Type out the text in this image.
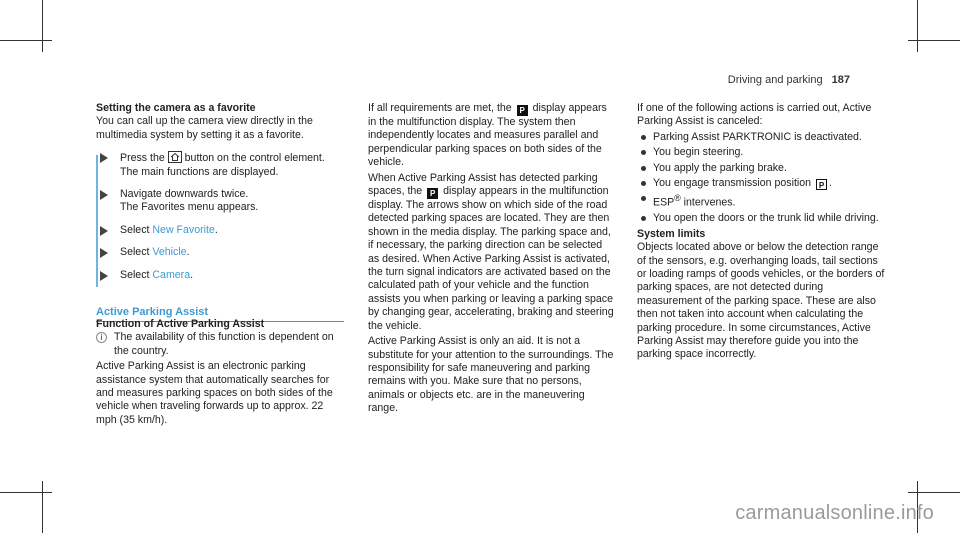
Driving and parking 187
Setting the camera as a favorite
You can call up the camera view directly in the multimedia system by setting it as a favorite.
Press the button on the control element.
The main functions are displayed.
Navigate downwards twice.
The Favorites menu appears.
Select New Favorite.
Select Vehicle.
Select Camera.
Active Parking Assist
If all requirements are met, the P display appears in the multifunction display. The system then independently locates and measures parallel and perpendicular parking spaces on both sides of the vehicle.
When Active Parking Assist has detected parking spaces, the P display appears in the multifunction display. The arrows show on which side of the road detected parking spaces are located. They are then shown in the media display. The parking space and, if necessary, the parking direction can be selected as desired. When Active Parking Assist is activated, the turn signal indicators are activated based on the calculated path of your vehicle and the function assists you when parking or leaving a parking space by changing gear, accelerating, braking and steering the vehicle.
Active Parking Assist is only an aid. It is not a substitute for your attention to the surroundings. The responsibility for safe maneuvering and parking remains with you. Make sure that no persons, animals or objects etc. are in the maneuvering range.
Function of Active Parking Assist
i	The availability of this function is dependent on the country.
Active Parking Assist is an electronic parking assistance system that automatically searches for and measures parking spaces on both sides of the vehicle when traveling forwards up to approx. 22 mph (35 km/h).
If one of the following actions is carried out, Active Parking Assist is canceled:
Parking Assist PARKTRONIC is deactivated.
You begin steering.
You apply the parking brake.
You engage transmission position P .
ESP® intervenes.
You open the doors or the trunk lid while driving.
System limits
Objects located above or below the detection range of the sensors, e.g. overhanging loads, tail sections or loading ramps of goods vehicles, or the borders of parking spaces, are not detected during measurement of the parking space. These are also then not taken into account when calculating the parking procedure. In some circumstances, Active Parking Assist may therefore guide you into the parking space incorrectly.
carmanualsonline.info
